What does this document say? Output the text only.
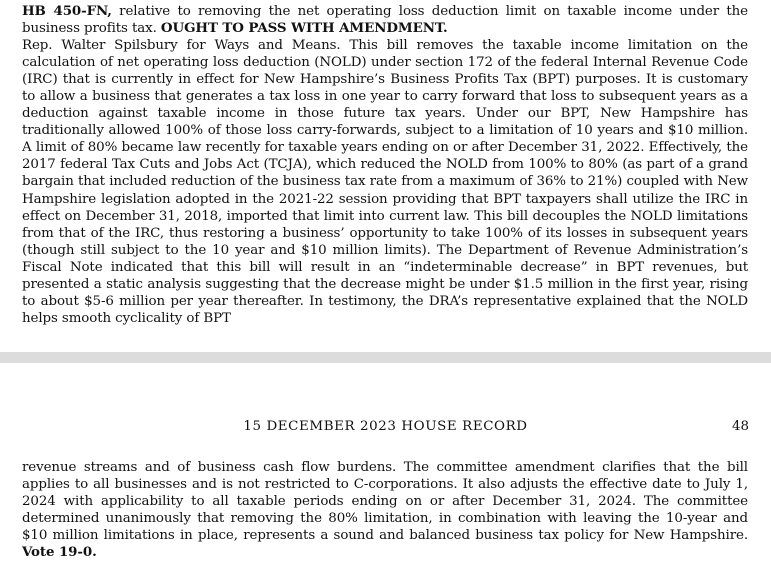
HB 450-FN, relative to removing the net operating loss deduction limit on taxable income under the business profits tax. OUGHT TO PASS WITH AMENDMENT.
Rep. Walter Spilsbury for Ways and Means. This bill removes the taxable income limitation on the calculation of net operating loss deduction (NOLD) under section 172 of the federal Internal Revenue Code (IRC) that is currently in effect for New Hampshire’s Business Profits Tax (BPT) purposes. It is customary to allow a business that generates a tax loss in one year to carry forward that loss to subsequent years as a deduction against taxable income in those future tax years. Under our BPT, New Hampshire has traditionally allowed 100% of those loss carry-forwards, subject to a limitation of 10 years and $10 million. A limit of 80% became law recently for taxable years ending on or after December 31, 2022. Effectively, the 2017 federal Tax Cuts and Jobs Act (TCJA), which reduced the NOLD from 100% to 80% (as part of a grand bargain that included reduction of the business tax rate from a maximum of 36% to 21%) coupled with New Hampshire legislation adopted in the 2021-22 session providing that BPT taxpayers shall utilize the IRC in effect on December 31, 2018, imported that limit into current law. This bill decouples the NOLD limitations from that of the IRC, thus restoring a business’ opportunity to take 100% of its losses in subsequent years (though still subject to the 10 year and $10 million limits). The Department of Revenue Administration’s Fiscal Note indicated that this bill will result in an “indeterminable decrease” in BPT revenues, but presented a static analysis suggesting that the decrease might be under $1.5 million in the first year, rising to about $5-6 million per year thereafter. In testimony, the DRA’s representative explained that the NOLD helps smooth cyclicality of BPT
15 DECEMBER 2023 HOUSE RECORD	48
revenue streams and of business cash flow burdens. The committee amendment clarifies that the bill applies to all businesses and is not restricted to C-corporations. It also adjusts the effective date to July 1, 2024 with applicability to all taxable periods ending on or after December 31, 2024. The committee determined unanimously that removing the 80% limitation, in combination with leaving the 10-year and $10 million limitations in place, represents a sound and balanced business tax policy for New Hampshire. Vote 19-0.
